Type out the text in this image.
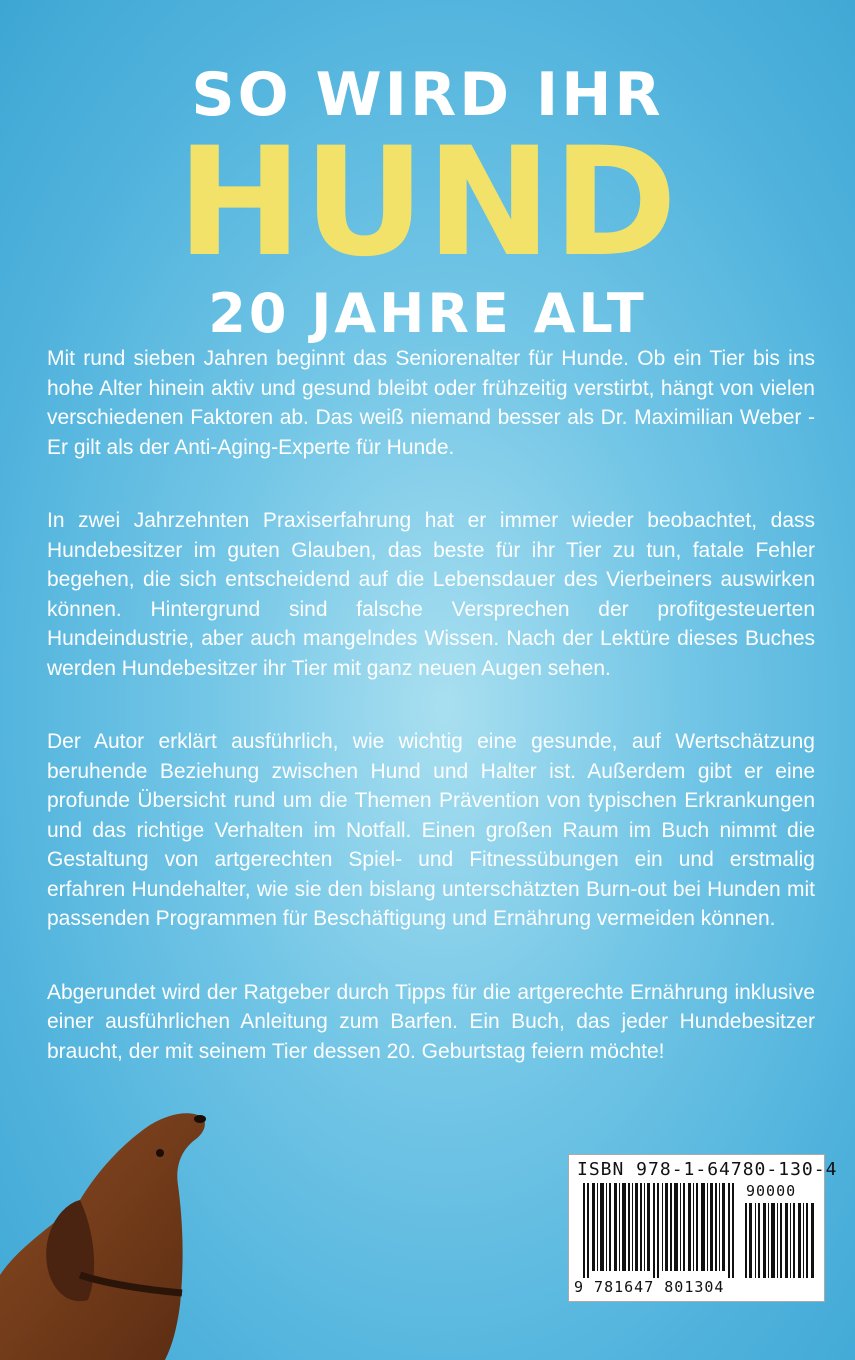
SO WIRD IHR
HUND
20 JAHRE ALT

Mit rund sieben Jahren beginnt das Seniorenalter für Hunde. Ob ein Tier bis ins hohe Alter hinein aktiv und gesund bleibt oder frühzeitig verstirbt, hängt von vielen verschiedenen Faktoren ab. Das weiß niemand besser als Dr. Maximilian Weber - Er gilt als der Anti-Aging-Experte für Hunde.

In zwei Jahrzehnten Praxiserfahrung hat er immer wieder beobachtet, dass Hundebesitzer im guten Glauben, das beste für ihr Tier zu tun, fatale Fehler begehen, die sich entscheidend auf die Lebensdauer des Vierbeiners auswirken können. Hintergrund sind falsche Versprechen der profitgesteuerten Hundeindustrie, aber auch mangelndes Wissen. Nach der Lektüre dieses Buches werden Hundebesitzer ihr Tier mit ganz neuen Augen sehen.

Der Autor erklärt ausführlich, wie wichtig eine gesunde, auf Wertschätzung beruhende Beziehung zwischen Hund und Halter ist. Außerdem gibt er eine profunde Übersicht rund um die Themen Prävention von typischen Erkrankungen und das richtige Verhalten im Notfall. Einen großen Raum im Buch nimmt die Gestaltung von artgerechten Spiel- und Fitnessübungen ein und erstmalig erfahren Hundehalter, wie sie den bislang unterschätzten Burn-out bei Hunden mit passenden Programmen für Beschäftigung und Ernährung vermeiden können.

Abgerundet wird der Ratgeber durch Tipps für die artgerechte Ernährung inklusive einer ausführlichen Anleitung zum Barfen. Ein Buch, das jeder Hundebesitzer braucht, der mit seinem Tier dessen 20. Geburtstag feiern möchte!

ISBN 978-1-64780-130-4
90000
9 781647 801304
